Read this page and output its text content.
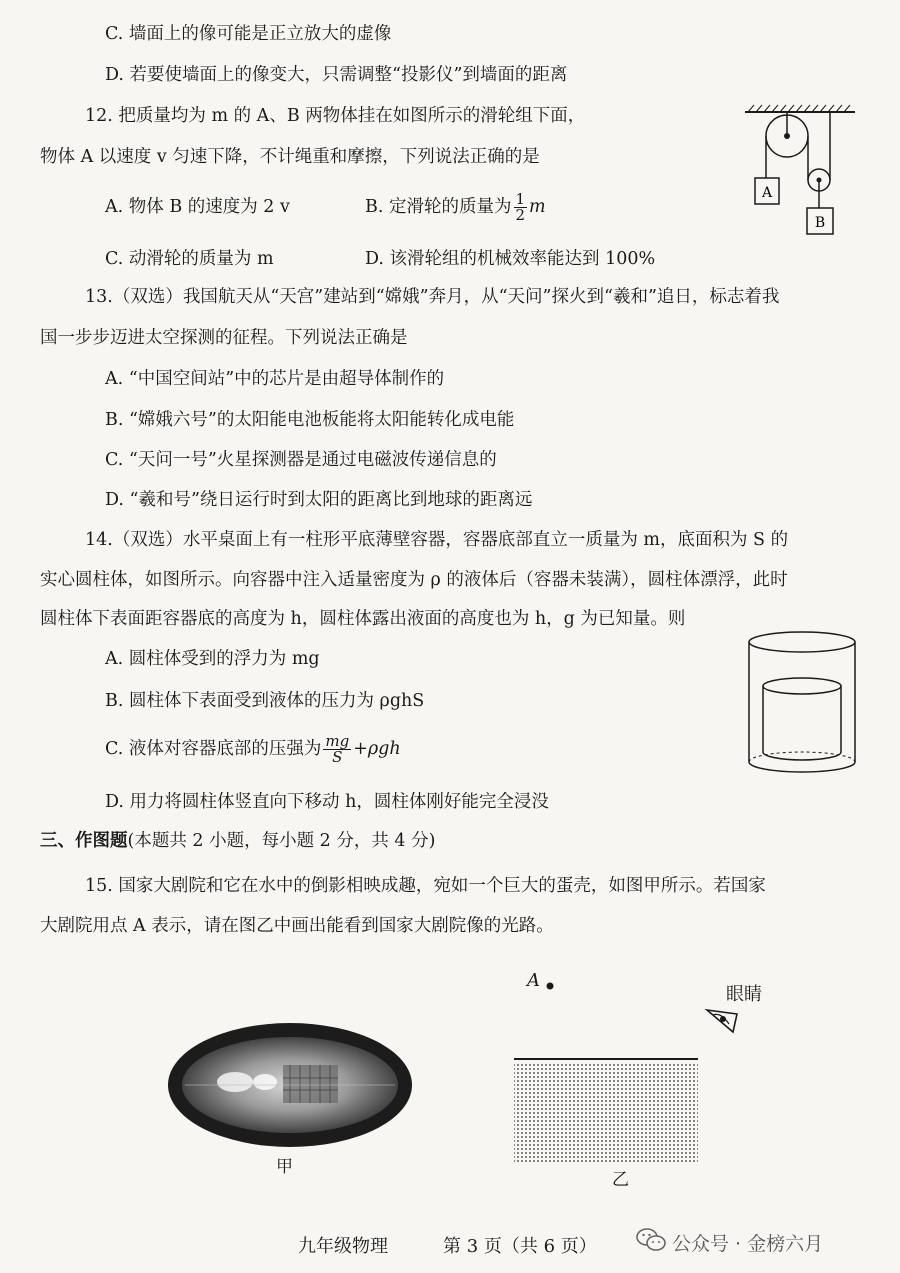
C. 墙面上的像可能是正立放大的虚像
D. 若要使墙面上的像变大，只需调整“投影仪”到墙面的距离
12. 把质量均为 m 的 A、B 两物体挂在如图所示的滑轮组下面，
物体 A 以速度 v 匀速下降，不计绳重和摩擦，下列说法正确的是
A. 物体 B 的速度为 2 v	B. 定滑轮的质量为 $\frac{1}{2}$ m
C. 动滑轮的质量为 m	D. 该滑轮组的机械效率能达到 100%
A
B
13.（双选）我国航天从“天宫”建站到“嫦娥”奔月，从“天问”探火到“羲和”追日，标志着我
国一步步迈进太空探测的征程。下列说法正确是
A. “中国空间站”中的芯片是由超导体制作的
B. “嫦娥六号”的太阳能电池板能将太阳能转化成电能
C. “天问一号”火星探测器是通过电磁波传递信息的
D. “羲和号”绕日运行时到太阳的距离比到地球的距离远
14.（双选）水平桌面上有一柱形平底薄壁容器，容器底部直立一质量为 m，底面积为 S 的
实心圆柱体，如图所示。向容器中注入适量密度为 ρ 的液体后（容器未装满），圆柱体漂浮，此时
圆柱体下表面距容器底的高度为 h，圆柱体露出液面的高度也为 h，g 为已知量。则
A. 圆柱体受到的浮力为 mg
B. 圆柱体下表面受到液体的压力为 ρghS
C. 液体对容器底部的压强为 $\frac{mg}{S} +\rho gh$
D. 用力将圆柱体竖直向下移动 h，圆柱体刚好能完全浸没
三、作图题(本题共 2 小题，每小题 2 分，共 4 分)
15. 国家大剧院和它在水中的倒影相映成趣，宛如一个巨大的蛋壳，如图甲所示。若国家
大剧院用点 A 表示，请在图乙中画出能看到国家大剧院像的光路。
甲
A
眼睛
乙
九年级物理	第 3 页（共 6 页）	公众号 · 金榜六月
